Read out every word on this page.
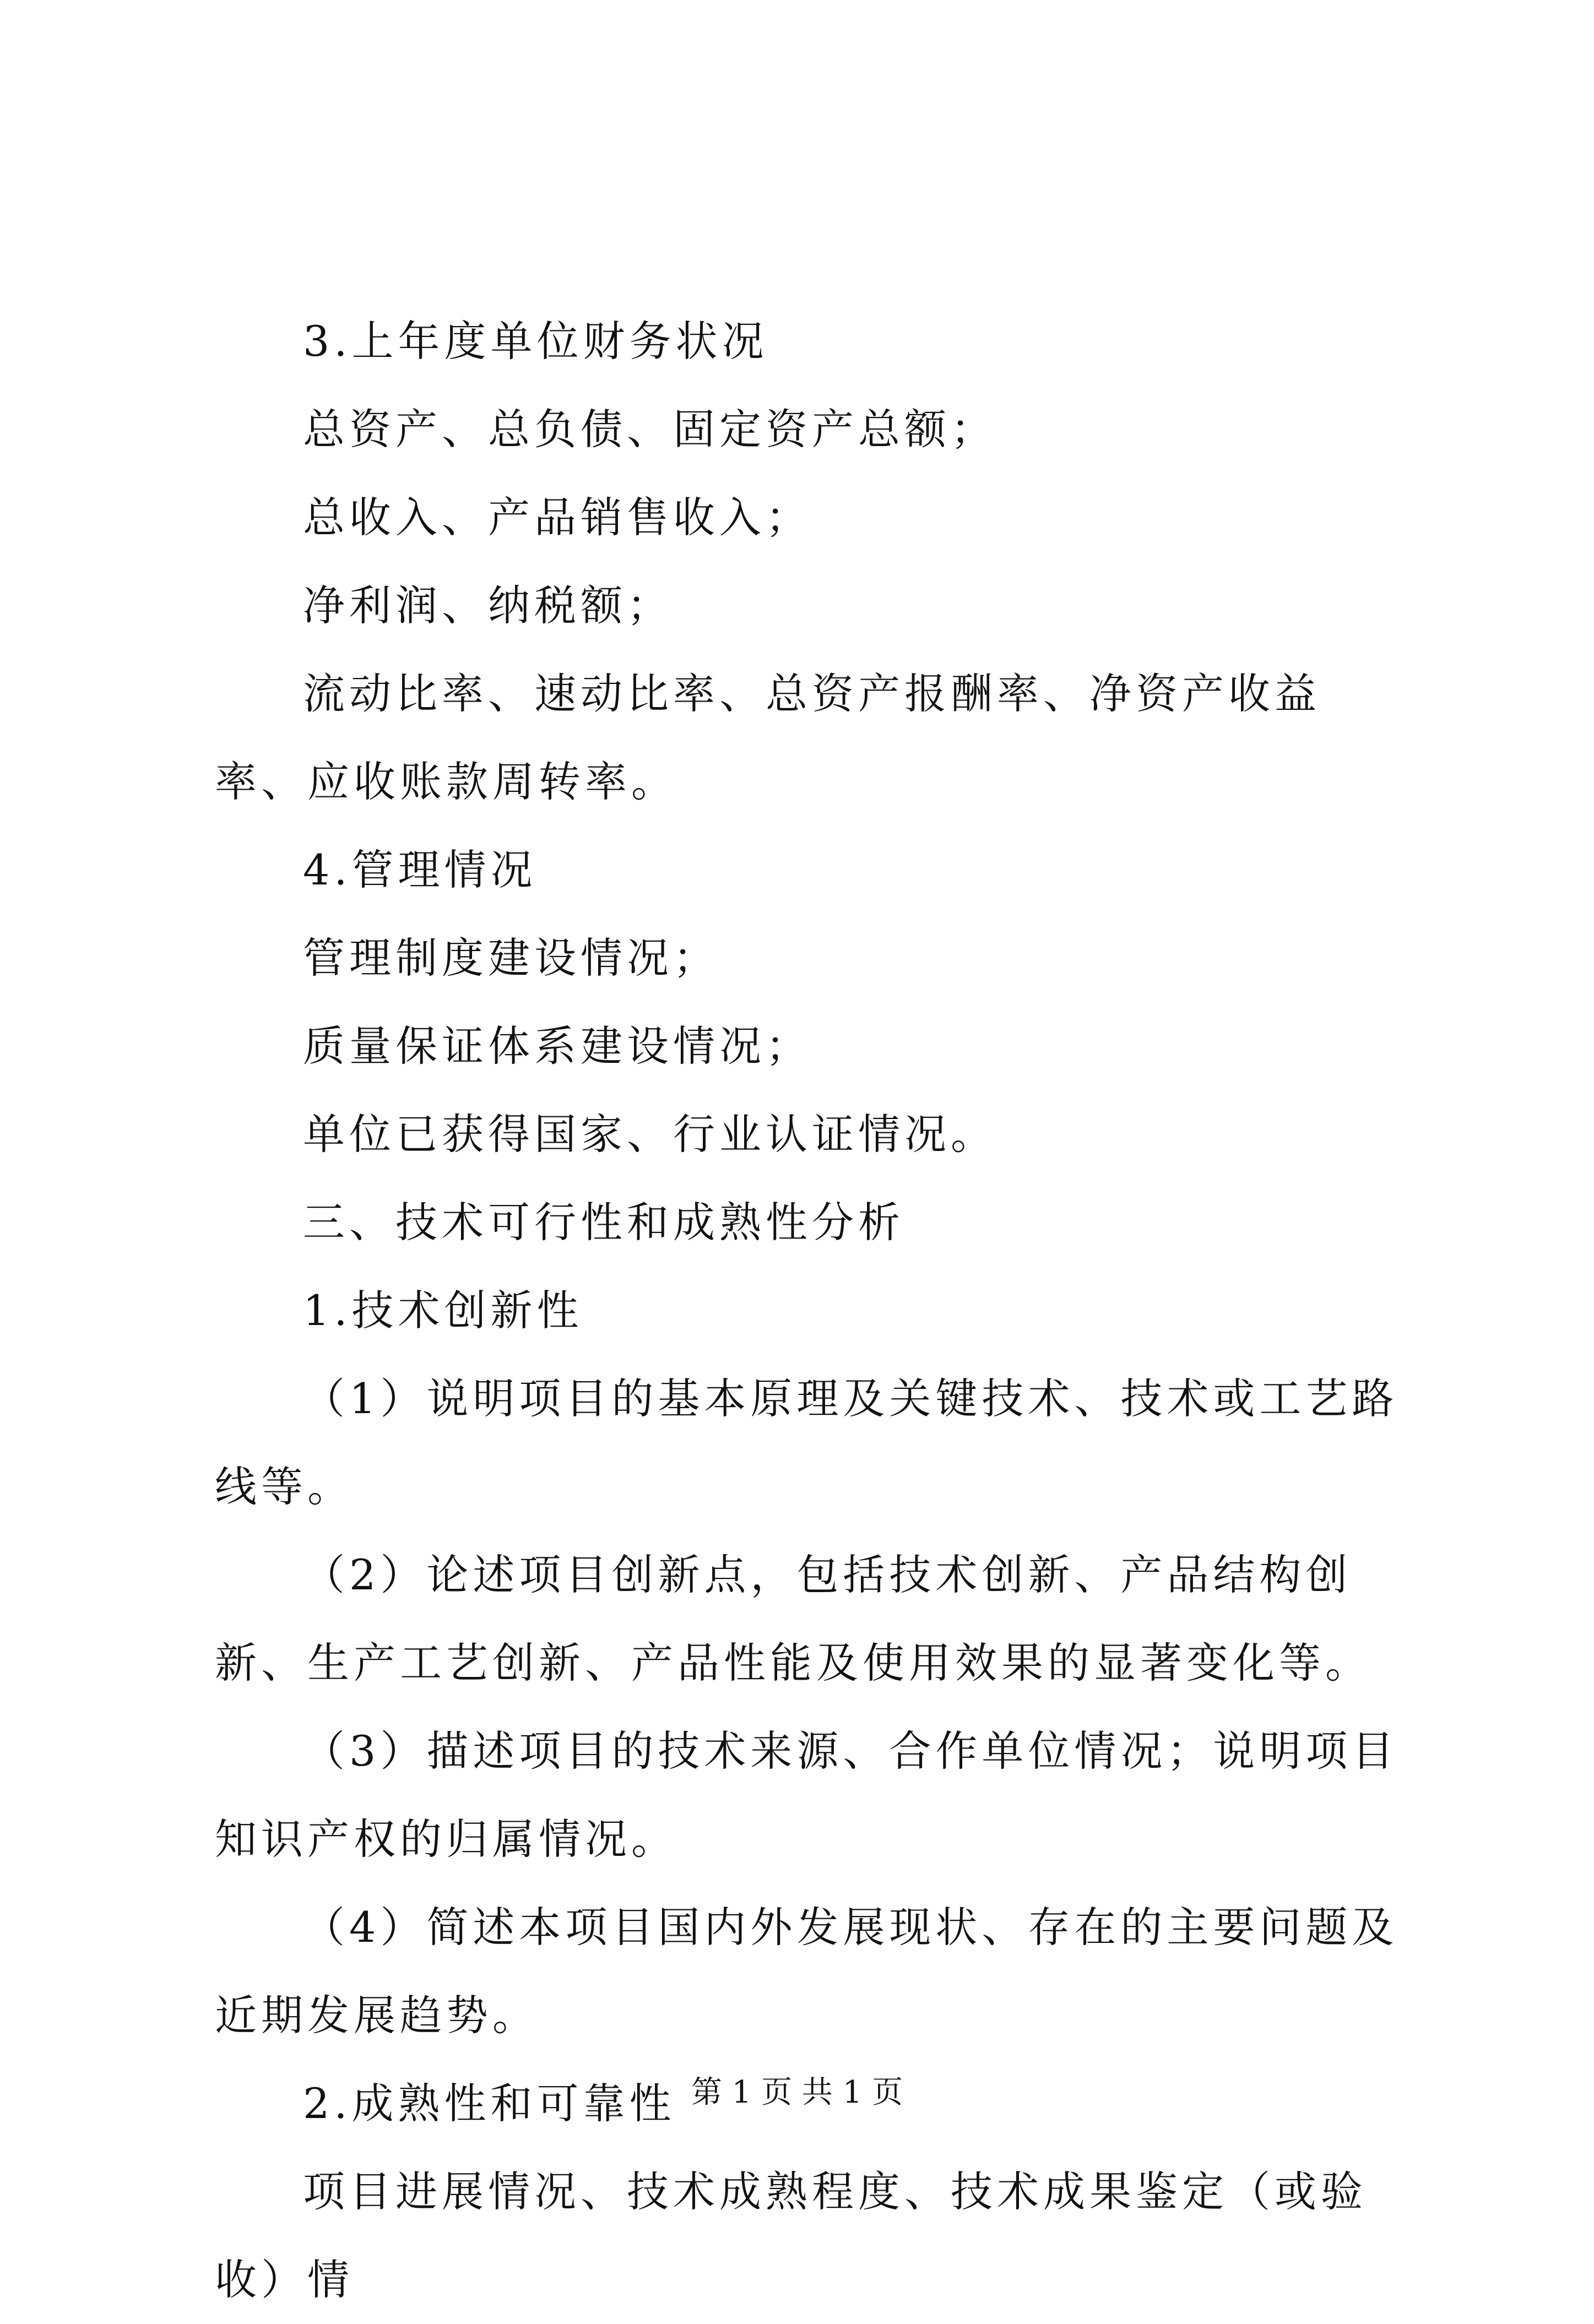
3.上年度单位财务状况

总资产、总负债、固定资产总额；

总收入、产品销售收入；

净利润、纳税额；

流动比率、速动比率、总资产报酬率、净资产收益率、应收账款周转率。

4.管理情况

管理制度建设情况；

质量保证体系建设情况；

单位已获得国家、行业认证情况。

三、技术可行性和成熟性分析

1.技术创新性

（1）说明项目的基本原理及关键技术、技术或工艺路线等。

（2）论述项目创新点，包括技术创新、产品结构创新、生产工艺创新、产品性能及使用效果的显著变化等。

（3）描述项目的技术来源、合作单位情况；说明项目知识产权的归属情况。

（4）简述本项目国内外发展现状、存在的主要问题及近期发展趋势。

2.成熟性和可靠性

项目进展情况、技术成熟程度、技术成果鉴定（或验收）情

第 1 页 共 1 页
